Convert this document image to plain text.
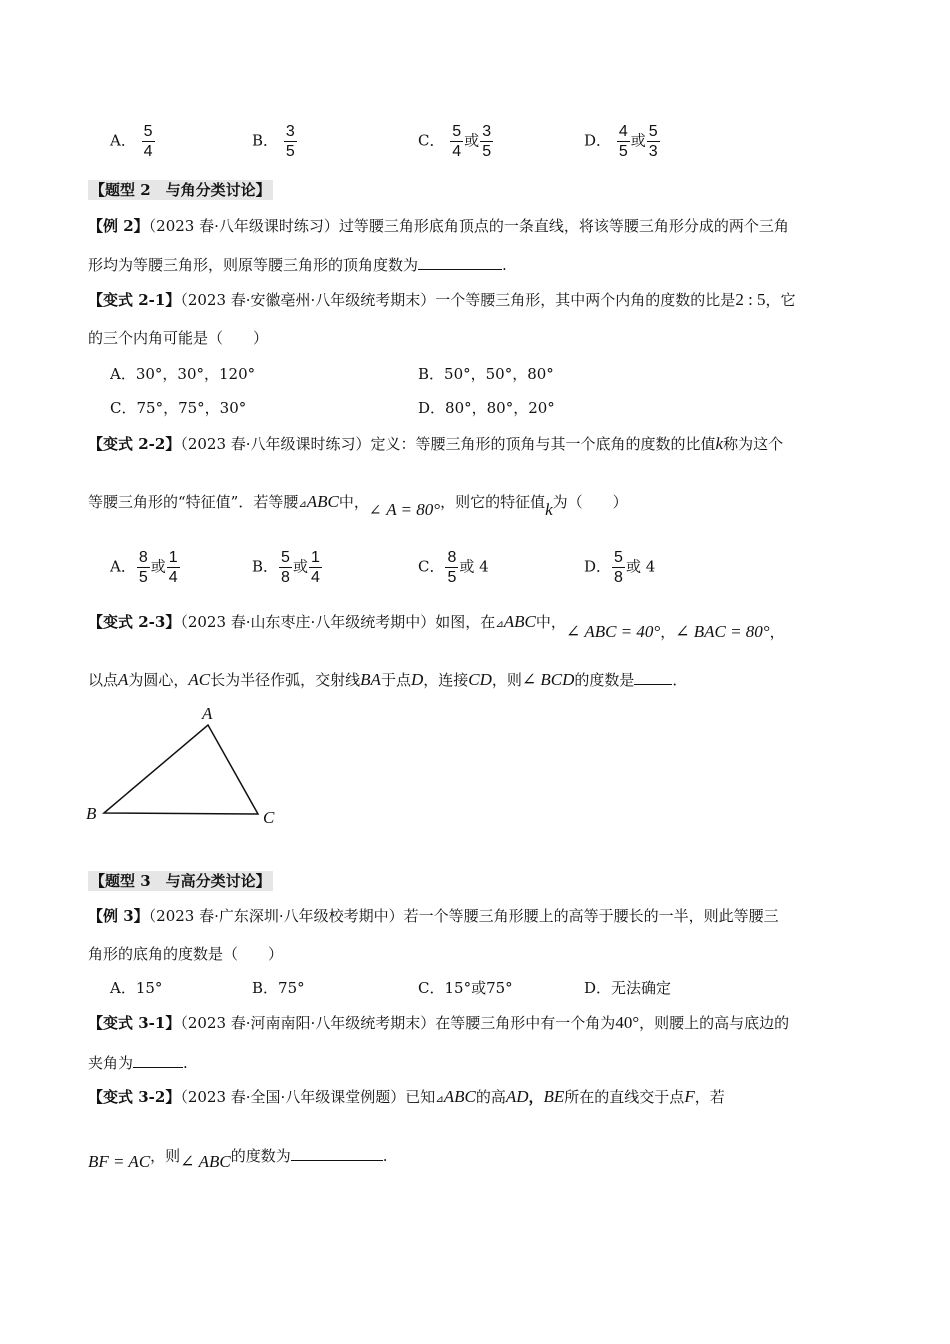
A． $\frac{5}{4}$	B． $\frac{3}{5}$	C． $\frac{5}{4}$ 或 $\frac{3}{5}$	D． $\frac{4}{5}$ 或 $\frac{5}{3}$
【题型 2　与角分类讨论】
【例 2】（2023 春·八年级课时练习）过等腰三角形底角顶点的一条直线，将该等腰三角形分成的两个三角
形均为等腰三角形，则原等腰三角形的顶角度数为	.
【变式 2-1】（2023 春·安徽亳州·八年级统考期末）一个等腰三角形，其中两个内角的度数的比是2 : 5，它
的三个内角可能是（　　）
A．30°，30°，120°	B．50°，50°，80°
C．75°，75°，30°	D．80°，80°，20°
【变式 2-2】（2023 春·八年级课时练习）定义：等腰三角形的顶角与其一个底角的度数的比值k称为这个
等腰三角形的“特征值”．若等腰⊿ABC中，∠ A = 80°，则它的特征值k为（　　）
A． $\frac{8}{5}$ 或 $\frac{1}{4}$	B． $\frac{5}{8}$ 或 $\frac{1}{4}$	C． $\frac{8}{5}$ 或 4	D． $\frac{5}{8}$ 或 4
【变式 2-3】（2023 春·山东枣庄·八年级统考期中）如图，在⊿ABC中，∠ ABC = 40°，∠ BAC = 80°，
以点A为圆心，AC长为半径作弧，交射线BA于点D，连接CD，则∠ BCD的度数是	．
A
B	C
【题型 3　与高分类讨论】
【例 3】（2023 春·广东深圳·八年级校考期中）若一个等腰三角形腰上的高等于腰长的一半，则此等腰三
角形的底角的度数是（　　）
A．15°	B．75°	C．15°或75°	D．无法确定
【变式 3-1】（2023 春·河南南阳·八年级统考期末）在等腰三角形中有一个角为40°，则腰上的高与底边的
夹角为	.
【变式 3-2】（2023 春·全国·八年级课堂例题）已知⊿ABC的高AD，BE所在的直线交于点F，若
BF = AC，则∠ ABC的度数为	.
